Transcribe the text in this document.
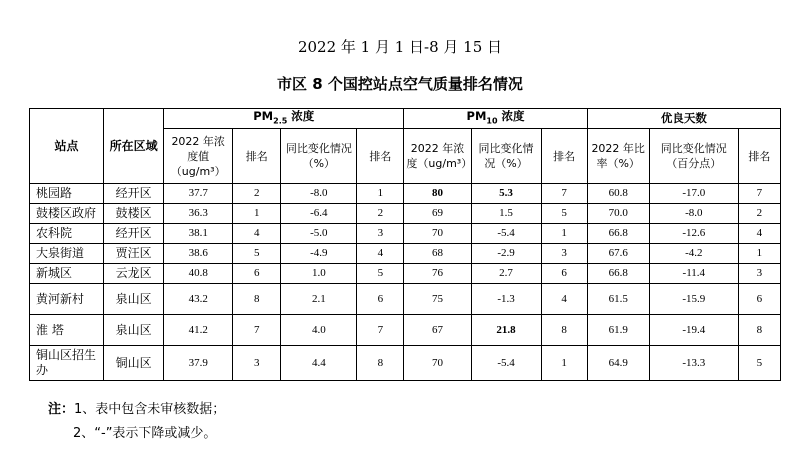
2022 年 1 月 1 日-8 月 15 日
市区 8 个国控站点空气质量排名情况
站点	所在区域	$PM_{2.5}$ 浓度				$PM_{10}$ 浓度			优良天数		
		2022 年浓度值（ug/m³）	排名	同比变化情况（%）	排名	2022 年浓度（ug/m³）	同比变化情况（%）	排名	2022 年比率（%）	同比变化情况（百分点）	排名
桃园路	经开区	37.7	2	-8.0	1	80	5.3	7	60.8	-17.0	7
鼓楼区政府	鼓楼区	36.3	1	-6.4	2	69	1.5	5	70.0	-8.0	2
农科院	经开区	38.1	4	-5.0	3	70	-5.4	1	66.8	-12.6	4
大泉街道	贾汪区	38.6	5	-4.9	4	68	-2.9	3	67.6	-4.2	1
新城区	云龙区	40.8	6	1.0	5	76	2.7	6	66.8	-11.4	3
黄河新村	泉山区	43.2	8	2.1	6	75	-1.3	4	61.5	-15.9	6
淮 塔	泉山区	41.2	7	4.0	7	67	21.8	8	61.9	-19.4	8
铜山区招生办	铜山区	37.9	3	4.4	8	70	-5.4	1	64.9	-13.3	5
注：1、表中包含未审核数据；
2、“-”表示下降或减少。
